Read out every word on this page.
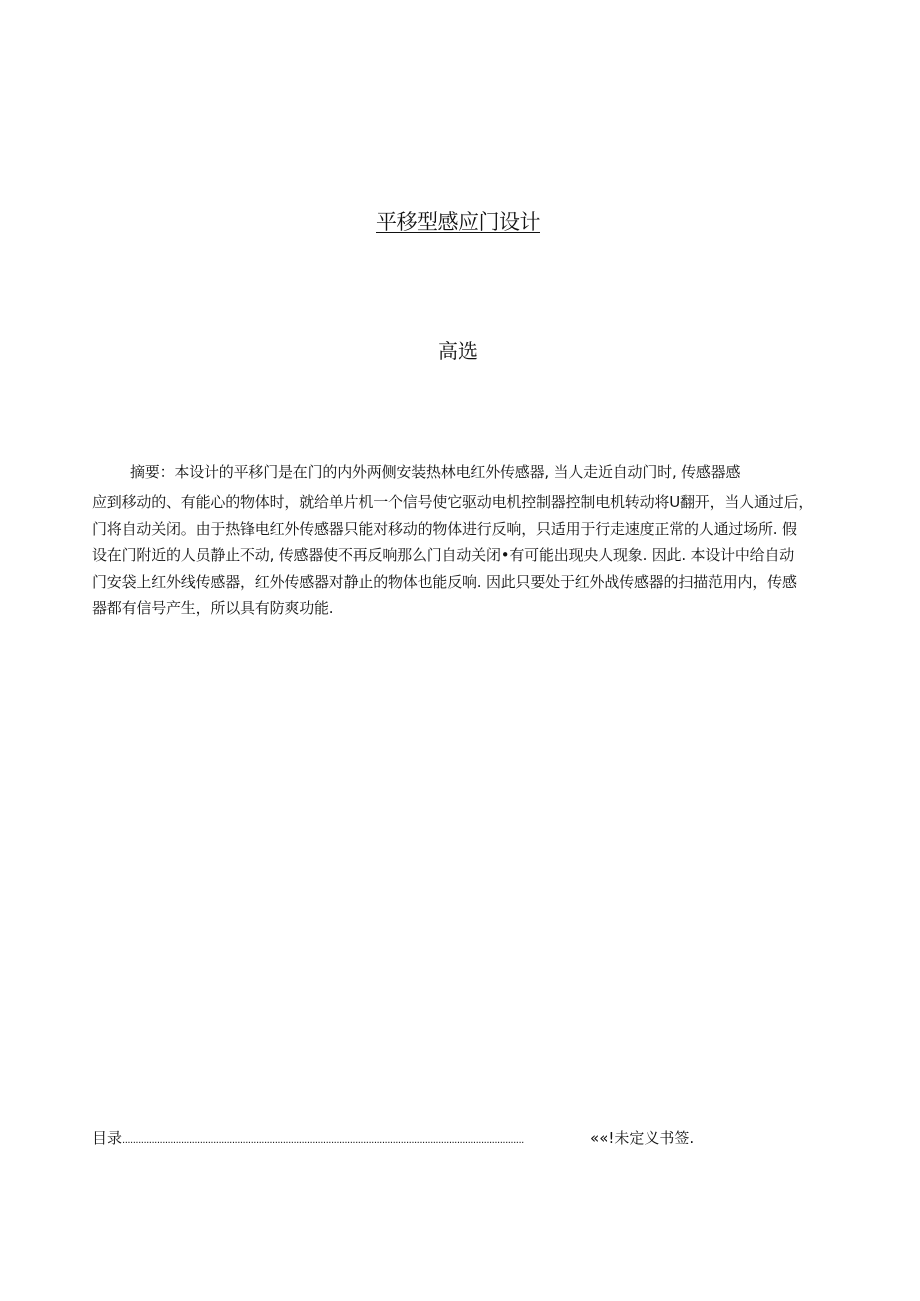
平移型感应门设计
高选
摘要：本设计的平移门是在门的内外两侧安装热林电红外传感器, 当人走近自动门时, 传感器感
应到移动的、有能心的物体时，就给单片机一个信号使它驱动电机控制器控制电机转动将U翻开，当人通过后，
门将自动关闭。由于热锋电红外传感器只能对移动的物体进行反响，只适用于行走速度正常的人通过场所. 假
设在门附近的人员静止不动, 传感器使不再反响那么门自动关闭•有可能出现央人现象. 因此. 本设计中给自动
门安袋上红外线传感器，红外传感器对静止的物体也能反响. 因此只要处于红外战传感器的扫描范用内，传感
器都有信号产生，所以具有防爽功能.
目录 ......................................................................................................................................................	««!未定义书签.
